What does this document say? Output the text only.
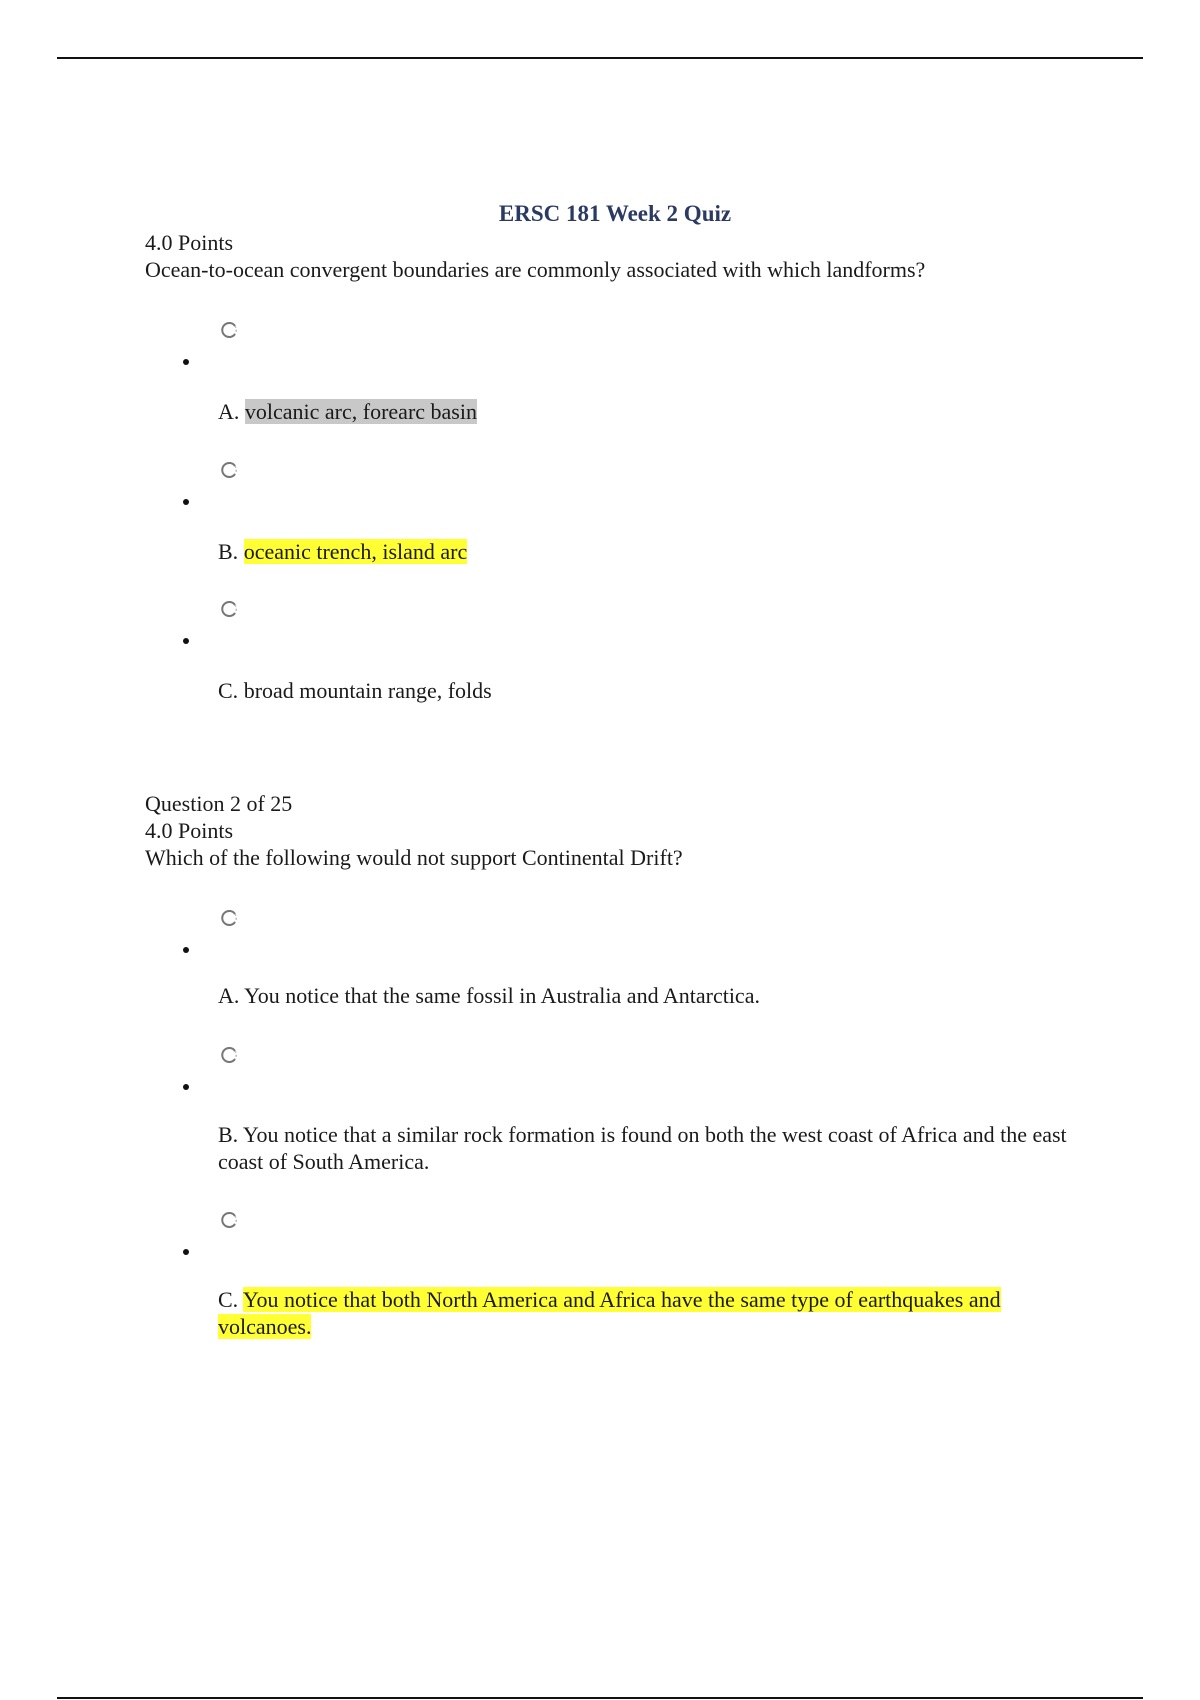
ERSC 181 Week 2 Quiz
4.0 Points
Ocean-to-ocean convergent boundaries are commonly associated with which landforms?
A. volcanic arc, forearc basin
B. oceanic trench, island arc
C. broad mountain range, folds
Question 2 of 25
4.0 Points
Which of the following would not support Continental Drift?
A. You notice that the same fossil in Australia and Antarctica.
B. You notice that a similar rock formation is found on both the west coast of Africa and the east coast of South America.
C. You notice that both North America and Africa have the same type of earthquakes and volcanoes.
